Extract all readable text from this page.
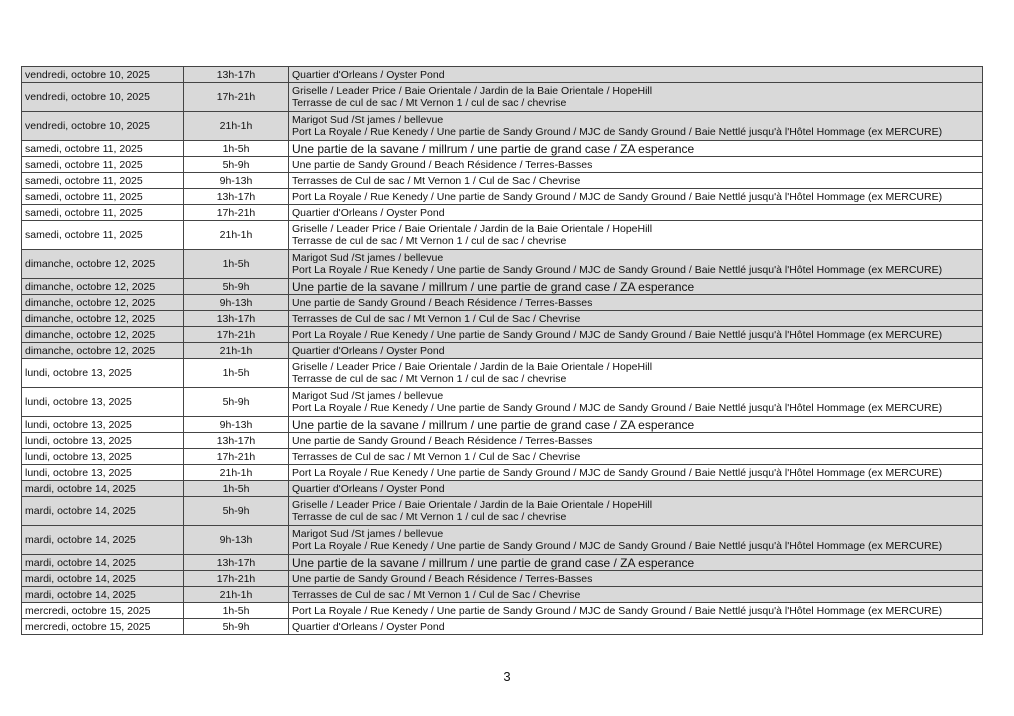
vendredi, octobre 10, 2025	13h-17h	Quartier d'Orleans / Oyster Pond

vendredi, octobre 10, 2025	17h-21h	Griselle / Leader Price / Baie Orientale / Jardin de la Baie Orientale / HopeHill
Terrasse de cul de sac / Mt Vernon 1 / cul de sac / chevrise

vendredi, octobre 10, 2025	21h-1h	Marigot Sud /St james / bellevue
Port La Royale / Rue Kenedy / Une partie de Sandy Ground / MJC de Sandy Ground / Baie Nettlé jusqu'à l'Hôtel Hommage (ex MERCURE)

samedi, octobre 11, 2025	1h-5h	Une partie de la savane / millrum / une partie de grand case / ZA esperance

samedi, octobre 11, 2025	5h-9h	Une partie de Sandy Ground / Beach Résidence / Terres-Basses

samedi, octobre 11, 2025	9h-13h	Terrasses de Cul de sac / Mt Vernon 1 / Cul de Sac / Chevrise

samedi, octobre 11, 2025	13h-17h	Port La Royale / Rue Kenedy / Une partie de Sandy Ground / MJC de Sandy Ground / Baie Nettlé jusqu'à l'Hôtel Hommage (ex MERCURE)

samedi, octobre 11, 2025	17h-21h	Quartier d'Orleans / Oyster Pond

samedi, octobre 11, 2025	21h-1h	Griselle / Leader Price / Baie Orientale / Jardin de la Baie Orientale / HopeHill
Terrasse de cul de sac / Mt Vernon 1 / cul de sac / chevrise

dimanche, octobre 12, 2025	1h-5h	Marigot Sud /St james / bellevue
Port La Royale / Rue Kenedy / Une partie de Sandy Ground / MJC de Sandy Ground / Baie Nettlé jusqu'à l'Hôtel Hommage (ex MERCURE)

dimanche, octobre 12, 2025	5h-9h	Une partie de la savane / millrum / une partie de grand case / ZA esperance

dimanche, octobre 12, 2025	9h-13h	Une partie de Sandy Ground / Beach Résidence / Terres-Basses

dimanche, octobre 12, 2025	13h-17h	Terrasses de Cul de sac / Mt Vernon 1 / Cul de Sac / Chevrise

dimanche, octobre 12, 2025	17h-21h	Port La Royale / Rue Kenedy / Une partie de Sandy Ground / MJC de Sandy Ground / Baie Nettlé jusqu'à l'Hôtel Hommage (ex MERCURE)

dimanche, octobre 12, 2025	21h-1h	Quartier d'Orleans / Oyster Pond

lundi, octobre 13, 2025	1h-5h	Griselle / Leader Price / Baie Orientale / Jardin de la Baie Orientale / HopeHill
Terrasse de cul de sac / Mt Vernon 1 / cul de sac / chevrise

lundi, octobre 13, 2025	5h-9h	Marigot Sud /St james / bellevue
Port La Royale / Rue Kenedy / Une partie de Sandy Ground / MJC de Sandy Ground / Baie Nettlé jusqu'à l'Hôtel Hommage (ex MERCURE)

lundi, octobre 13, 2025	9h-13h	Une partie de la savane / millrum / une partie de grand case / ZA esperance

lundi, octobre 13, 2025	13h-17h	Une partie de Sandy Ground / Beach Résidence / Terres-Basses

lundi, octobre 13, 2025	17h-21h	Terrasses de Cul de sac / Mt Vernon 1 / Cul de Sac / Chevrise

lundi, octobre 13, 2025	21h-1h	Port La Royale / Rue Kenedy / Une partie de Sandy Ground / MJC de Sandy Ground / Baie Nettlé jusqu'à l'Hôtel Hommage (ex MERCURE)

mardi, octobre 14, 2025	1h-5h	Quartier d'Orleans / Oyster Pond

mardi, octobre 14, 2025	5h-9h	Griselle / Leader Price / Baie Orientale / Jardin de la Baie Orientale / HopeHill
Terrasse de cul de sac / Mt Vernon 1 / cul de sac / chevrise

mardi, octobre 14, 2025	9h-13h	Marigot Sud /St james / bellevue
Port La Royale / Rue Kenedy / Une partie de Sandy Ground / MJC de Sandy Ground / Baie Nettlé jusqu'à l'Hôtel Hommage (ex MERCURE)

mardi, octobre 14, 2025	13h-17h	Une partie de la savane / millrum / une partie de grand case / ZA esperance

mardi, octobre 14, 2025	17h-21h	Une partie de Sandy Ground / Beach Résidence / Terres-Basses

mardi, octobre 14, 2025	21h-1h	Terrasses de Cul de sac / Mt Vernon 1 / Cul de Sac / Chevrise

mercredi, octobre 15, 2025	1h-5h	Port La Royale / Rue Kenedy / Une partie de Sandy Ground / MJC de Sandy Ground / Baie Nettlé jusqu'à l'Hôtel Hommage (ex MERCURE)

mercredi, octobre 15, 2025	5h-9h	Quartier d'Orleans / Oyster Pond
3
